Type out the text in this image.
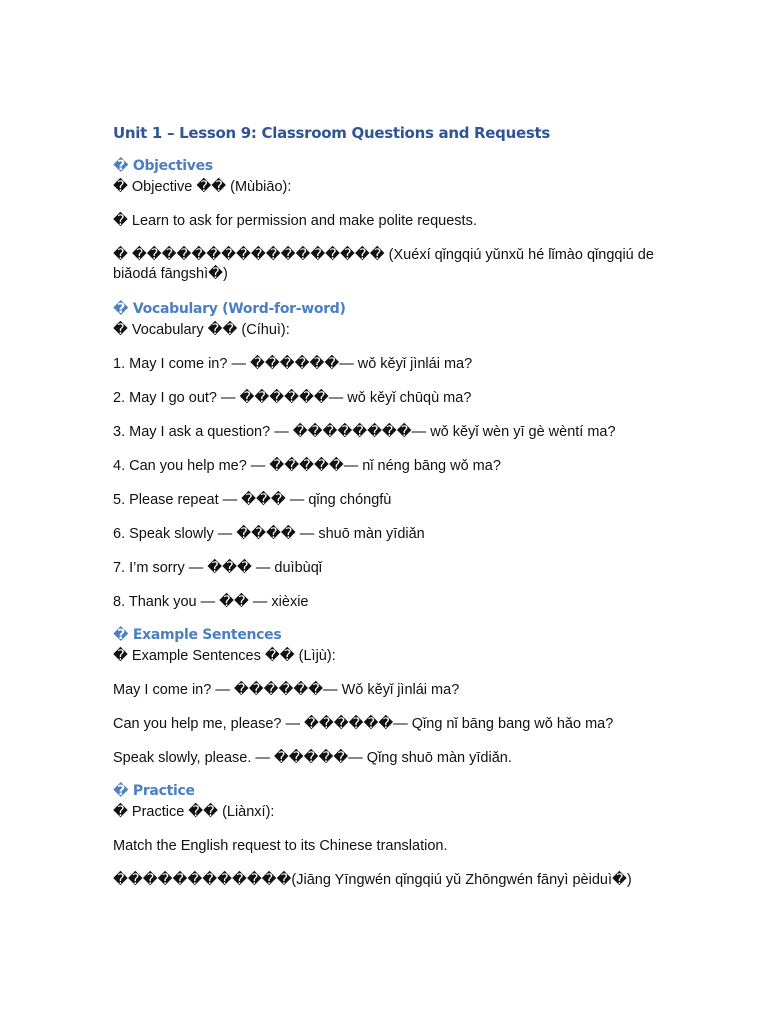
Unit 1 – Lesson 9: Classroom Questions and Requests
� Objectives
� Objective �� (Mùbiāo):
� Learn to ask for permission and make polite requests.
� ����������������� (Xuéxí qǐngqiú yǔnxǔ hé lǐmào qǐngqiú de biǎodá fāngshì�)
� Vocabulary (Word-for-word)
� Vocabulary �� (Cíhuì):
1. May I come in? — ������— wǒ kěyǐ jìnlái ma?
2. May I go out? — ������— wǒ kěyǐ chūqù ma?
3. May I ask a question? — ��������— wǒ kěyǐ wèn yī gè wèntí ma?
4. Can you help me? — �����— nǐ néng bāng wǒ ma?
5. Please repeat — ��� — qǐng chóngfù
6. Speak slowly — ���� — shuō màn yīdiǎn
7. I’m sorry — ��� — duìbùqǐ
8. Thank you — �� — xièxie
� Example Sentences
� Example Sentences �� (Lìjù):
May I come in? — ������— Wǒ kěyǐ jìnlái ma?
Can you help me, please? — ������— Qǐng nǐ bāng bang wǒ hǎo ma?
Speak slowly, please. — �����— Qǐng shuō màn yīdiǎn.
� Practice
� Practice �� (Liànxí):
Match the English request to its Chinese translation.
������������(Jiāng Yīngwén qǐngqiú yǔ Zhōngwén fānyì pèiduì�)
